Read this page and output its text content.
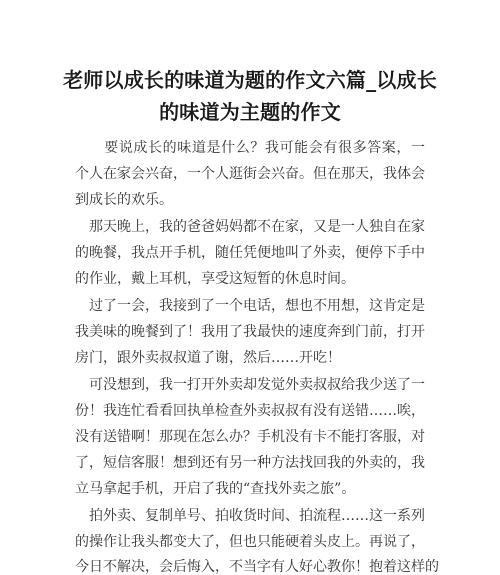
老师以成长的味道为题的作文六篇_以成长
的味道为主题的作文
　　要说成长的味道是什么？我可能会有很多答案，一
个人在家会兴奋，一个人逛街会兴奋。但在那天，我体会
到成长的欢乐。
　那天晚上，我的爸爸妈妈都不在家，又是一人独自在家
的晚餐，我点开手机，随任凭便地叫了外卖，便停下手中
的作业，戴上耳机，享受这短暂的休息时间。
　过了一会，我接到了一个电话，想也不用想，这肯定是
我美味的晚餐到了！我用了我最快的速度奔到门前，打开
房门，跟外卖叔叔道了谢，然后……开吃！
　可没想到，我一打开外卖却发觉外卖叔叔给我少送了一
份！我连忙看看回执单检查外卖叔叔有没有送错……唉，
没有送错啊！那现在怎么办？手机没有卡不能打客服，对
了，短信客服！想到还有另一种方法找回我的外卖的，我
立马拿起手机，开启了我的“查找外卖之旅”。
　拍外卖、复制单号、拍收货时间、拍流程……这一系列
的操作让我头都变大了，但也只能硬着头皮上。再说了，
今日不解决，会后悔入，不当字有人好心教你！抱着这样的
